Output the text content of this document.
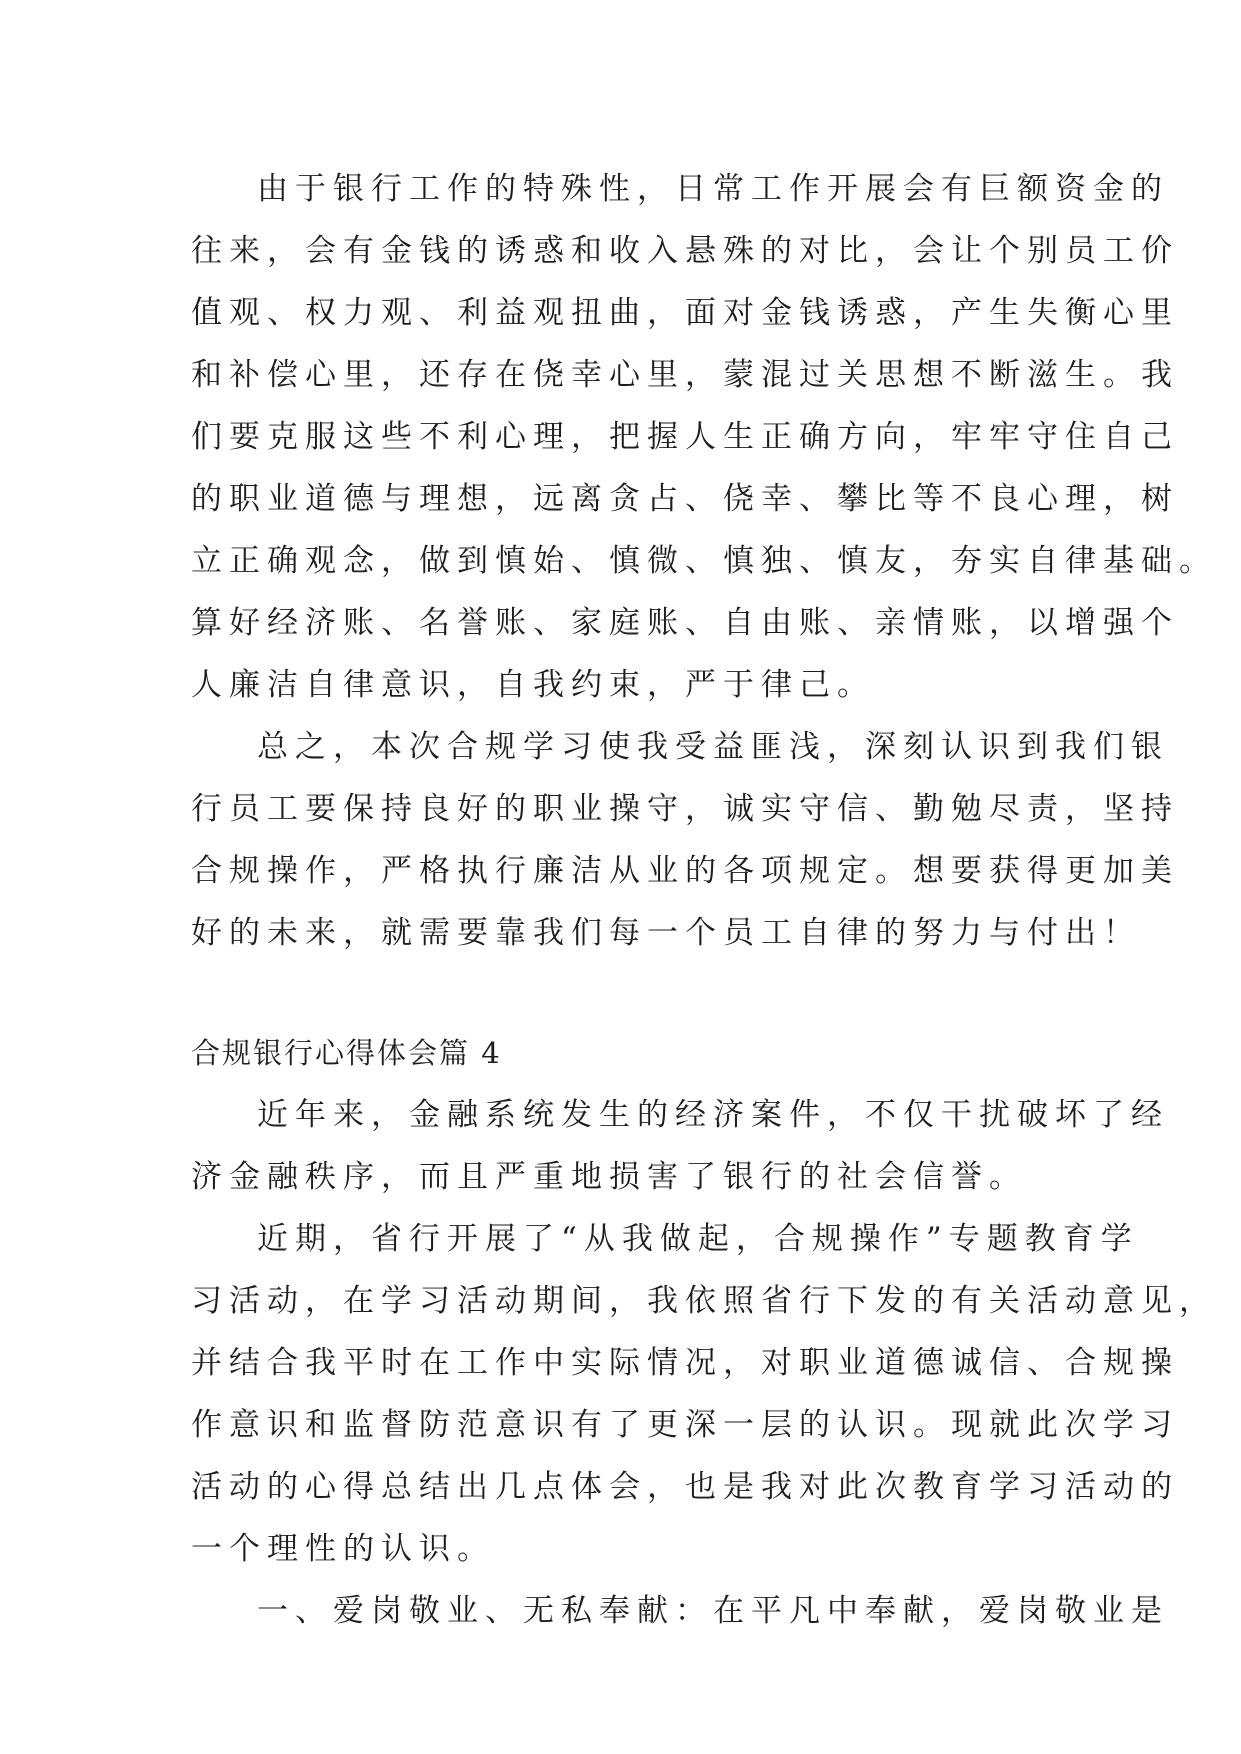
由于银行工作的特殊性，日常工作开展会有巨额资金的
往来，会有金钱的诱惑和收入悬殊的对比，会让个别员工价
值观、权力观、利益观扭曲，面对金钱诱惑，产生失衡心里
和补偿心里，还存在侥幸心里，蒙混过关思想不断滋生。我
们要克服这些不利心理，把握人生正确方向，牢牢守住自己
的职业道德与理想，远离贪占、侥幸、攀比等不良心理，树
立正确观念，做到慎始、慎微、慎独、慎友，夯实自律基础。
算好经济账、名誉账、家庭账、自由账、亲情账，以增强个
人廉洁自律意识，自我约束，严于律己。
总之，本次合规学习使我受益匪浅，深刻认识到我们银
行员工要保持良好的职业操守，诚实守信、勤勉尽责，坚持
合规操作，严格执行廉洁从业的各项规定。想要获得更加美
好的未来，就需要靠我们每一个员工自律的努力与付出！
合规银行心得体会篇 4
近年来，金融系统发生的经济案件，不仅干扰破坏了经
济金融秩序，而且严重地损害了银行的社会信誉。
近期，省行开展了“从我做起，合规操作”专题教育学
习活动，在学习活动期间，我依照省行下发的有关活动意见，
并结合我平时在工作中实际情况，对职业道德诚信、合规操
作意识和监督防范意识有了更深一层的认识。现就此次学习
活动的心得总结出几点体会，也是我对此次教育学习活动的
一个理性的认识。
一、爱岗敬业、无私奉献：在平凡中奉献，爱岗敬业是
